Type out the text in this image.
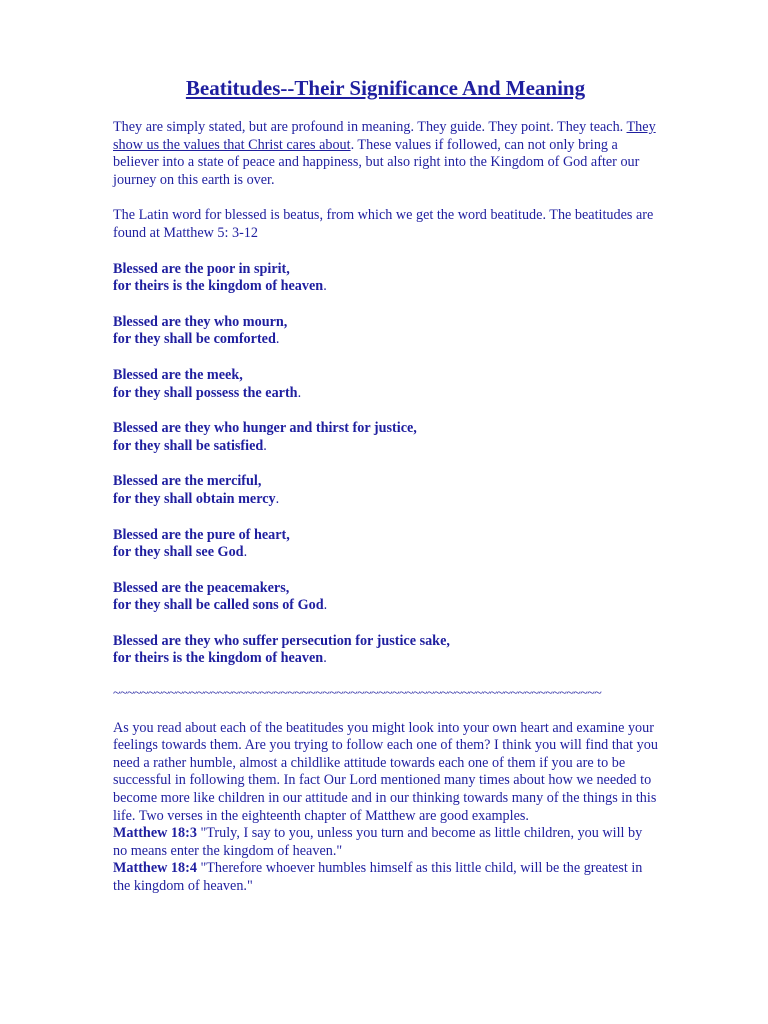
Beatitudes--Their Significance And Meaning

They are simply stated, but are profound in meaning. They guide. They point. They teach. They show us the values that Christ cares about. These values if followed, can not only bring a believer into a state of peace and happiness, but also right into the Kingdom of God after our journey on this earth is over.

The Latin word for blessed is beatus, from which we get the word beatitude. The beatitudes are found at Matthew 5: 3-12

Blessed are the poor in spirit,
for theirs is the kingdom of heaven.

Blessed are they who mourn,
for they shall be comforted.

Blessed are the meek,
for they shall possess the earth.

Blessed are they who hunger and thirst for justice,
for they shall be satisfied.

Blessed are the merciful,
for they shall obtain mercy.

Blessed are the pure of heart,
for they shall see God.

Blessed are the peacemakers,
for they shall be called sons of God.

Blessed are they who suffer persecution for justice sake,
for theirs is the kingdom of heaven.

~~~~~~~~~~~~~~~~~~~~~~~~~~~~~~~~~~~~~~~~~~~~~~~~~~~~~~~~~~~~~~~~~~~~~~

As you read about each of the beatitudes you might look into your own heart and examine your feelings towards them. Are you trying to follow each one of them? I think you will find that you need a rather humble, almost a childlike attitude towards each one of them if you are to be successful in following them. In fact Our Lord mentioned many times about how we needed to become more like children in our attitude and in our thinking towards many of the things in this life. Two verses in the eighteenth chapter of Matthew are good examples.
Matthew 18:3 "Truly, I say to you, unless you turn and become as little children, you will by no means enter the kingdom of heaven."
Matthew 18:4 "Therefore whoever humbles himself as this little child, will be the greatest in the kingdom of heaven."
